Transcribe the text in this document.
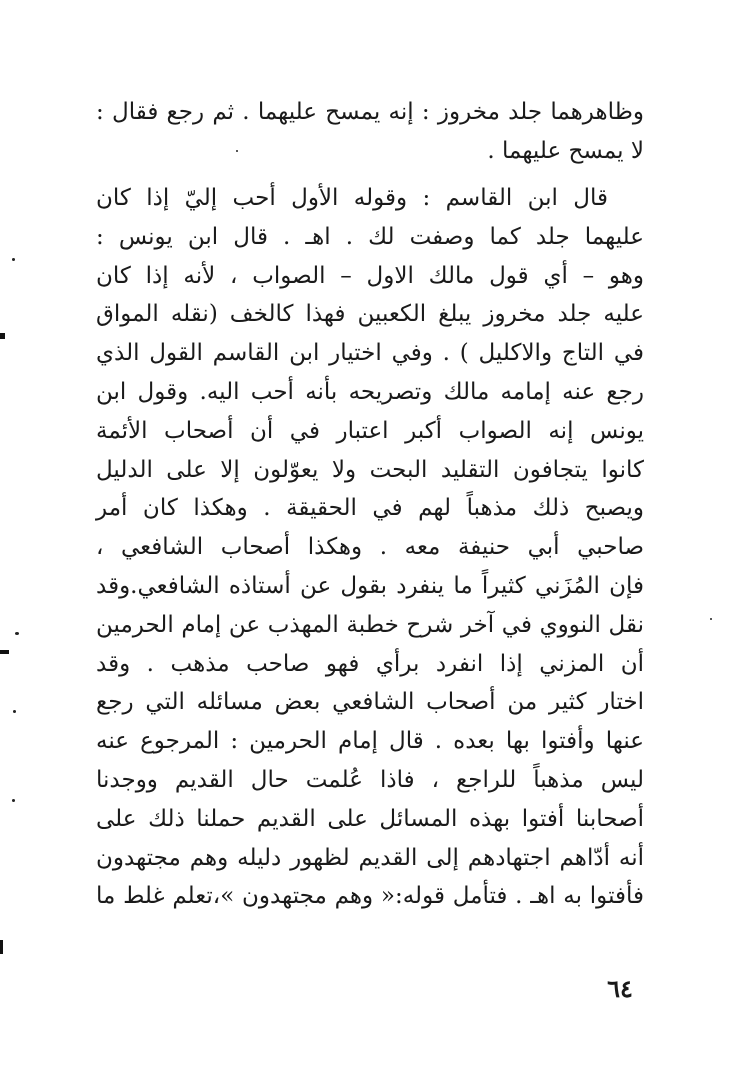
وظاهرهما جلد مخروز : إنه يمسح عليهما . ثم رجع فقال :
لا يمسح عليهما .
قال ابن القاسم : وقوله الأول أحب إليّ إذا كان
عليهما جلد كما وصفت لك . اهـ . قال ابن يونس :
وهو – أي قول مالك الاول – الصواب ، لأنه إذا كان
عليه جلد مخروز يبلغ الكعبين فهذا كالخف (نقله المواق
في التاج والاكليل ) . وفي اختيار ابن القاسم القول الذي
رجع عنه إمامه مالك وتصريحه بأنه أحب اليه. وقول ابن
يونس إنه الصواب أكبر اعتبار في أن أصحاب الأئمة
كانوا يتجافون التقليد البحت ولا يعوّلون إلا على الدليل
ويصبح ذلك مذهباً لهم في الحقيقة . وهكذا كان أمر
صاحبي أبي حنيفة معه . وهكذا أصحاب الشافعي ،
فإن المُزَني كثيراً ما ينفرد بقول عن أستاذه الشافعي.وقد
نقل النووي في آخر شرح خطبة المهذب عن إمام الحرمين
أن المزني إذا انفرد برأي فهو صاحب مذهب . وقد
اختار كثير من أصحاب الشافعي بعض مسائله التي رجع
عنها وأفتوا بها بعده . قال إمام الحرمين : المرجوع عنه
ليس مذهباً للراجع ، فاذا عُلمت حال القديم ووجدنا
أصحابنا أفتوا بهذه المسائل على القديم حملنا ذلك على
أنه أدّاهم اجتهادهم إلى القديم لظهور دليله وهم مجتهدون
فأفتوا به اهـ . فتأمل قوله:« وهم مجتهدون »،تعلم غلط ما
٦٤
